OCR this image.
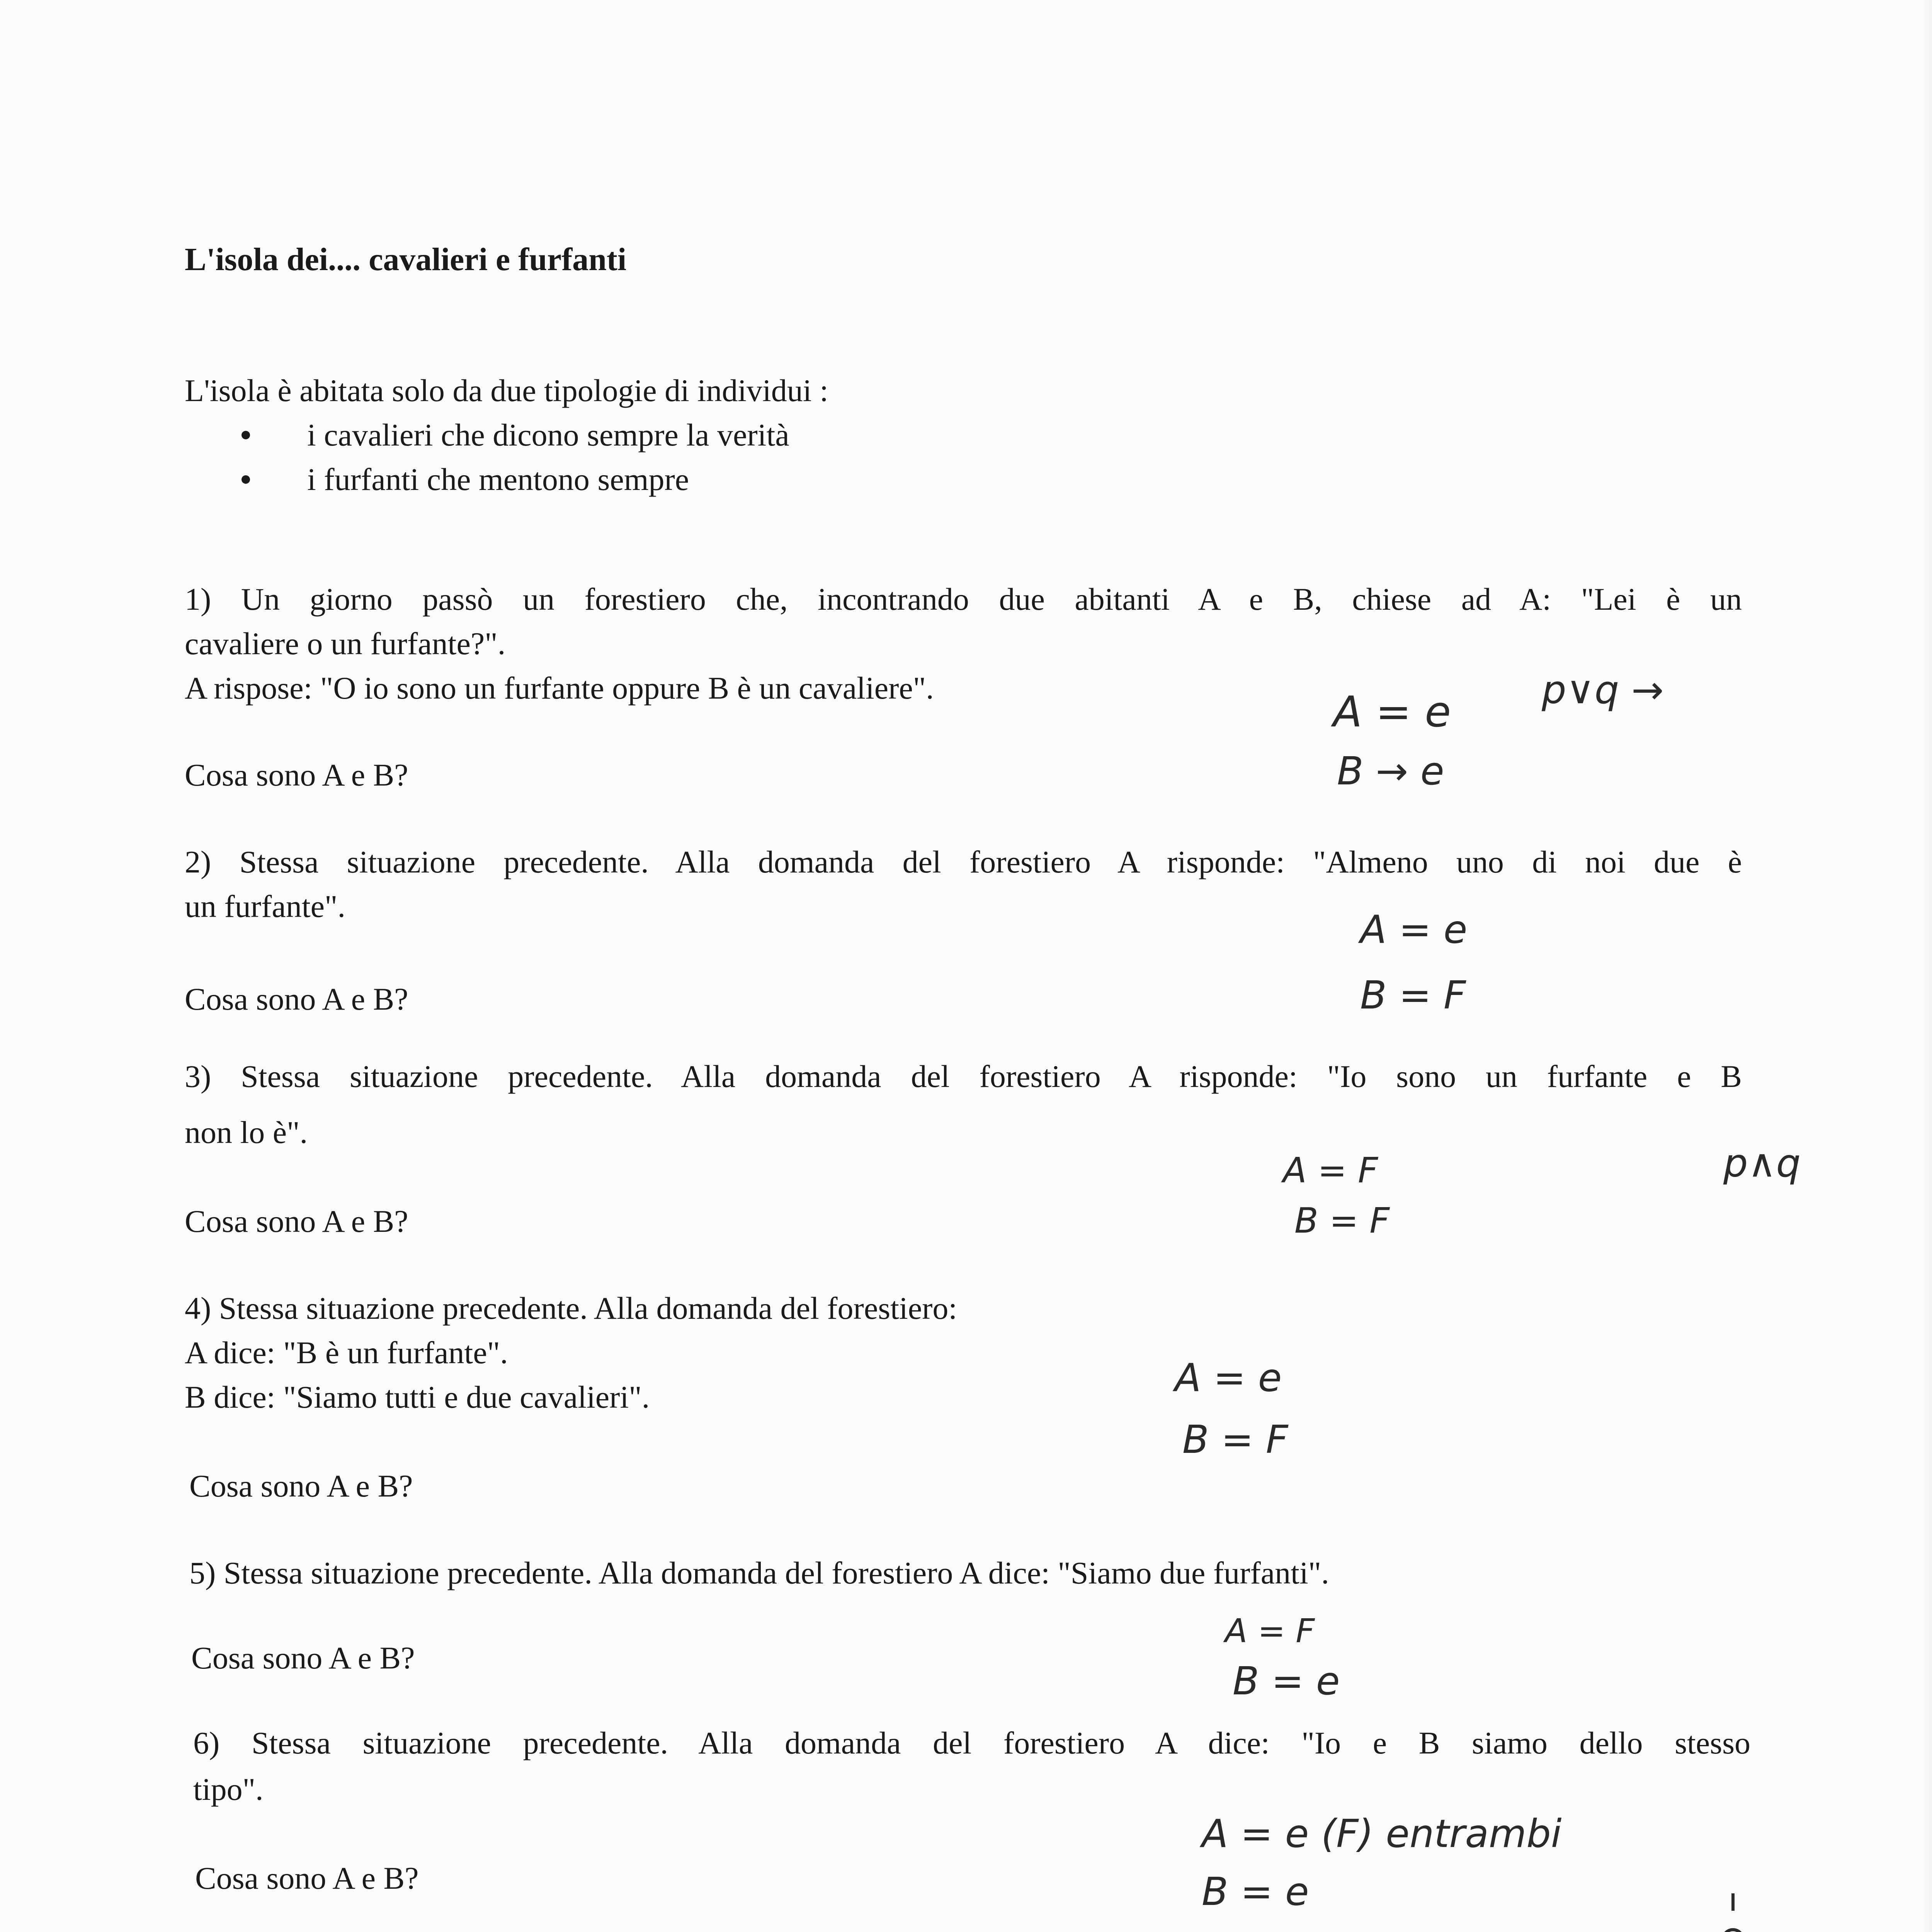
L'isola dei.... cavalieri e furfanti
L'isola è abitata solo da due tipologie di individui :
i cavalieri che dicono sempre la verità
i furfanti che mentono sempre
1) Un giorno passò un forestiero che, incontrando due abitanti A e B, chiese ad A: "Lei è un
cavaliere o un furfante?".
A rispose: "O io sono un furfante oppure B è un cavaliere".
Cosa sono A e B?
2) Stessa situazione precedente. Alla domanda del forestiero A risponde: "Almeno uno di noi due è
un furfante".
Cosa sono A e B?
3) Stessa situazione precedente. Alla domanda del forestiero A risponde: "Io sono un furfante e B
non lo è".
Cosa sono A e B?
4) Stessa situazione precedente. Alla domanda del forestiero:
A dice: "B è un furfante".
B dice: "Siamo tutti e due cavalieri".
Cosa sono A e B?
5) Stessa situazione precedente. Alla domanda del forestiero A dice: "Siamo due furfanti".
Cosa sono A e B?
6) Stessa situazione precedente. Alla domanda del forestiero A dice: "Io e B siamo dello stesso
tipo".
Cosa sono A e B?
A = e
B → e
p∨q →
A = e
B = F
A = F
B = F
p∧q
A = e
B = F
A = F
B = e
A = e (F) entrambi
B = e
